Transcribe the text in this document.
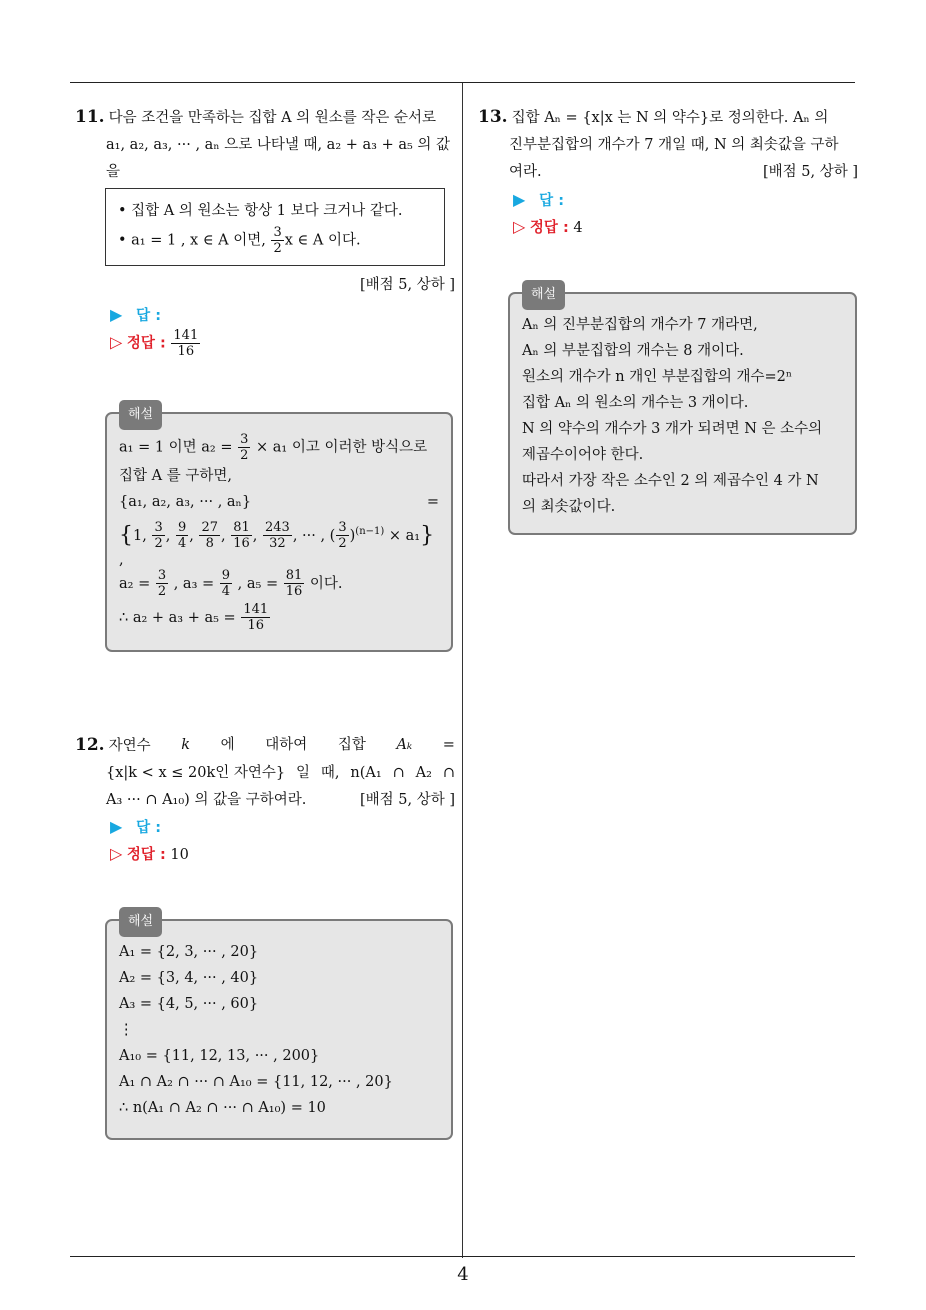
4
11. 다음 조건을 만족하는 집합 A 의 원소를 작은 순서로
a₁, a₂, a₃, ··· , aₙ 으로 나타낼 때, a₂ + a₃ + a₅ 의 값을
• 집합 A 의 원소는 항상 1 보다 크거나 같다.
• a₁ = 1 , x ∈ A 이면, $\frac{3}{2}$ x ∈ A 이다.
[배점 5, 상하 ]
▶ 답 :
▷ 정답 : $\frac{141}{16}$
해설
a₁ = 1 이면 $a_2 = \frac{3}{2} \times a_1$ 이고 이러한 방식으로
집합 A 를 구하면,
{a₁, a₂, a₃, ··· , aₙ}	=
{1, $\frac{3}{2}$ , $\frac{9}{4}$ , $\frac{27}{8}$ , $\frac{81}{16}$ , $\frac{243}{32}$ , ··· , ( $\frac{3}{2} )^{(n-1)} \times a_1$}
,
$a_2 = \frac{3}{2}$ , $a_3 = \frac{9}{4}$ , $a_5 = \frac{81}{16}$ 이다.
∴ $a_2 + a_3 + a_5 = \frac{141}{16}$
12. 자연수 k 에 대하여 집합 Aₖ =
{x|k < x ≤ 20k인 자연수} 일 때, n(A₁ ∩ A₂ ∩
A₃ ··· ∩ A₁₀) 의 값을 구하여라.	[배점 5, 상하 ]
▶ 답 :
▷ 정답 : 10
해설
A₁ = {2, 3, ··· , 20}
A₂ = {3, 4, ··· , 40}
A₃ = {4, 5, ··· , 60}
⋮
A₁₀ = {11, 12, 13, ··· , 200}
A₁ ∩ A₂ ∩ ··· ∩ A₁₀ = {11, 12, ··· , 20}
∴ n(A₁ ∩ A₂ ∩ ··· ∩ A₁₀) = 10
13. 집합 Aₙ = {x|x 는 N 의 약수}로 정의한다. Aₙ 의
진부분집합의 개수가 7 개일 때, N 의 최솟값을 구하
여라.	[배점 5, 상하 ]
▶ 답 :
▷ 정답 : 4
해설
Aₙ 의 진부분집합의 개수가 7 개라면,
Aₙ 의 부분집합의 개수는 8 개이다.
원소의 개수가 n 개인 부분집합의 개수=2ⁿ
집합 Aₙ 의 원소의 개수는 3 개이다.
N 의 약수의 개수가 3 개가 되려면 N 은 소수의
제곱수이어야 한다.
따라서 가장 작은 소수인 2 의 제곱수인 4 가 N
의 최솟값이다.
